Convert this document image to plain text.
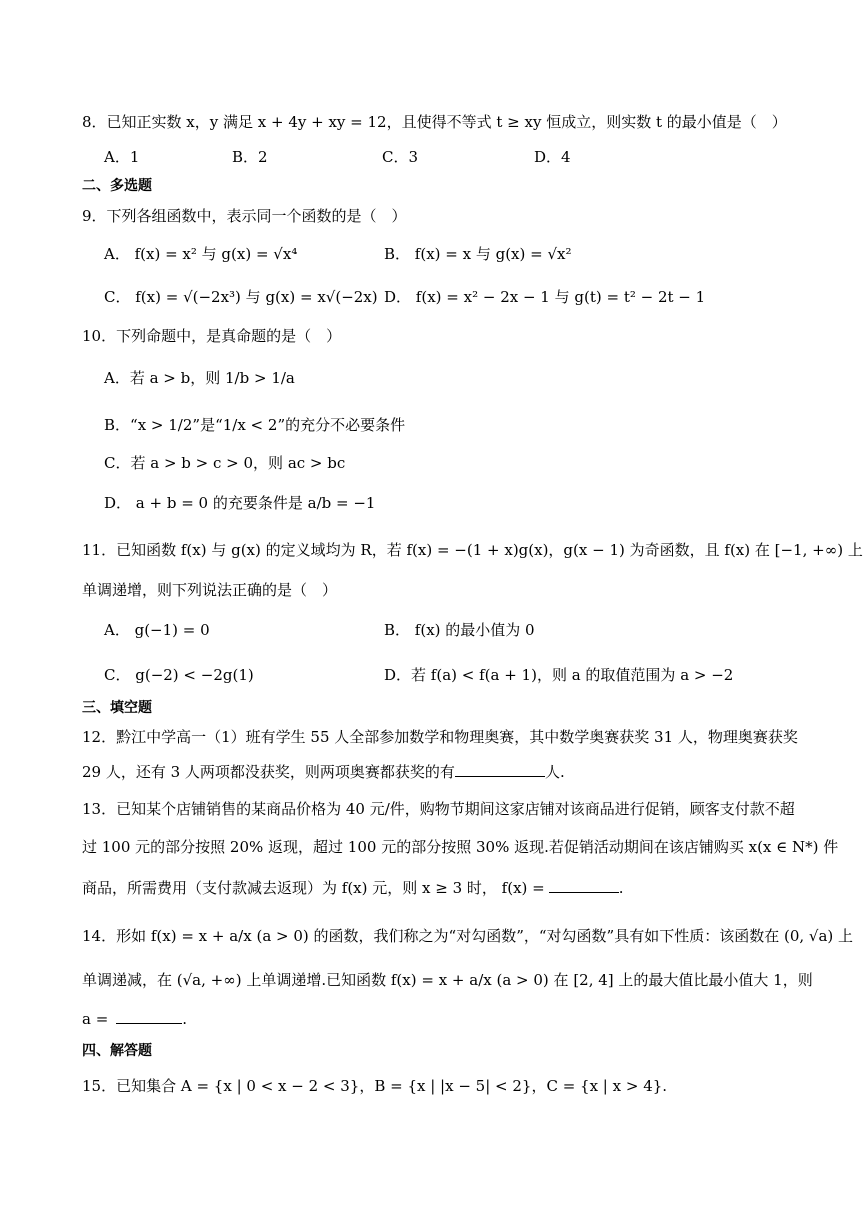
8．已知正实数 x，y 满足 x + 4y + xy = 12，且使得不等式 t ≥ xy 恒成立，则实数 t 的最小值是（　）
A．1	B．2	C．3	D．4
二、多选题
9．下列各组函数中，表示同一个函数的是（　）
A． f(x) = x² 与 g(x) = √x⁴	B． f(x) = x 与 g(x) = √x²
C． f(x) = √(−2x³) 与 g(x) = x√(−2x) D． f(x) = x² − 2x − 1 与 g(t) = t² − 2t − 1
10．下列命题中，是真命题的是（　）
A．若 a > b，则 1/b > 1/a
B．“x > 1/2”是“1/x < 2”的充分不必要条件
C．若 a > b > c > 0，则 ac > bc
D． a + b = 0 的充要条件是 a/b = −1
11．已知函数 f(x) 与 g(x) 的定义域均为 R，若 f(x) = −(1 + x)g(x)，g(x − 1) 为奇函数，且 f(x) 在 [−1, +∞) 上
单调递增，则下列说法正确的是（　）
A． g(−1) = 0	B． f(x) 的最小值为 0
C． g(−2) < −2g(1)	D．若 f(a) < f(a + 1)，则 a 的取值范围为 a > −2
三、填空题
12．黔江中学高一（1）班有学生 55 人全部参加数学和物理奥赛，其中数学奥赛获奖 31 人，物理奥赛获奖
29 人，还有 3 人两项都没获奖，则两项奥赛都获奖的有	人.
13．已知某个店铺销售的某商品价格为 40 元/件，购物节期间这家店铺对该商品进行促销，顾客支付款不超
过 100 元的部分按照 20% 返现，超过 100 元的部分按照 30% 返现.若促销活动期间在该店铺购买 x(x ∈ N*) 件
商品，所需费用（支付款减去返现）为 f(x) 元，则 x ≥ 3 时， f(x) =	.
14．形如 f(x) = x + a/x (a > 0) 的函数，我们称之为“对勾函数”，“对勾函数”具有如下性质：该函数在 (0, √a) 上
单调递减，在 (√a, +∞) 上单调递增.已知函数 f(x) = x + a/x (a > 0) 在 [2, 4] 上的最大值比最小值大 1，则
a =	.
四、解答题
15．已知集合 A = {x | 0 < x − 2 < 3}，B = {x | |x − 5| < 2}，C = {x | x > 4}.
